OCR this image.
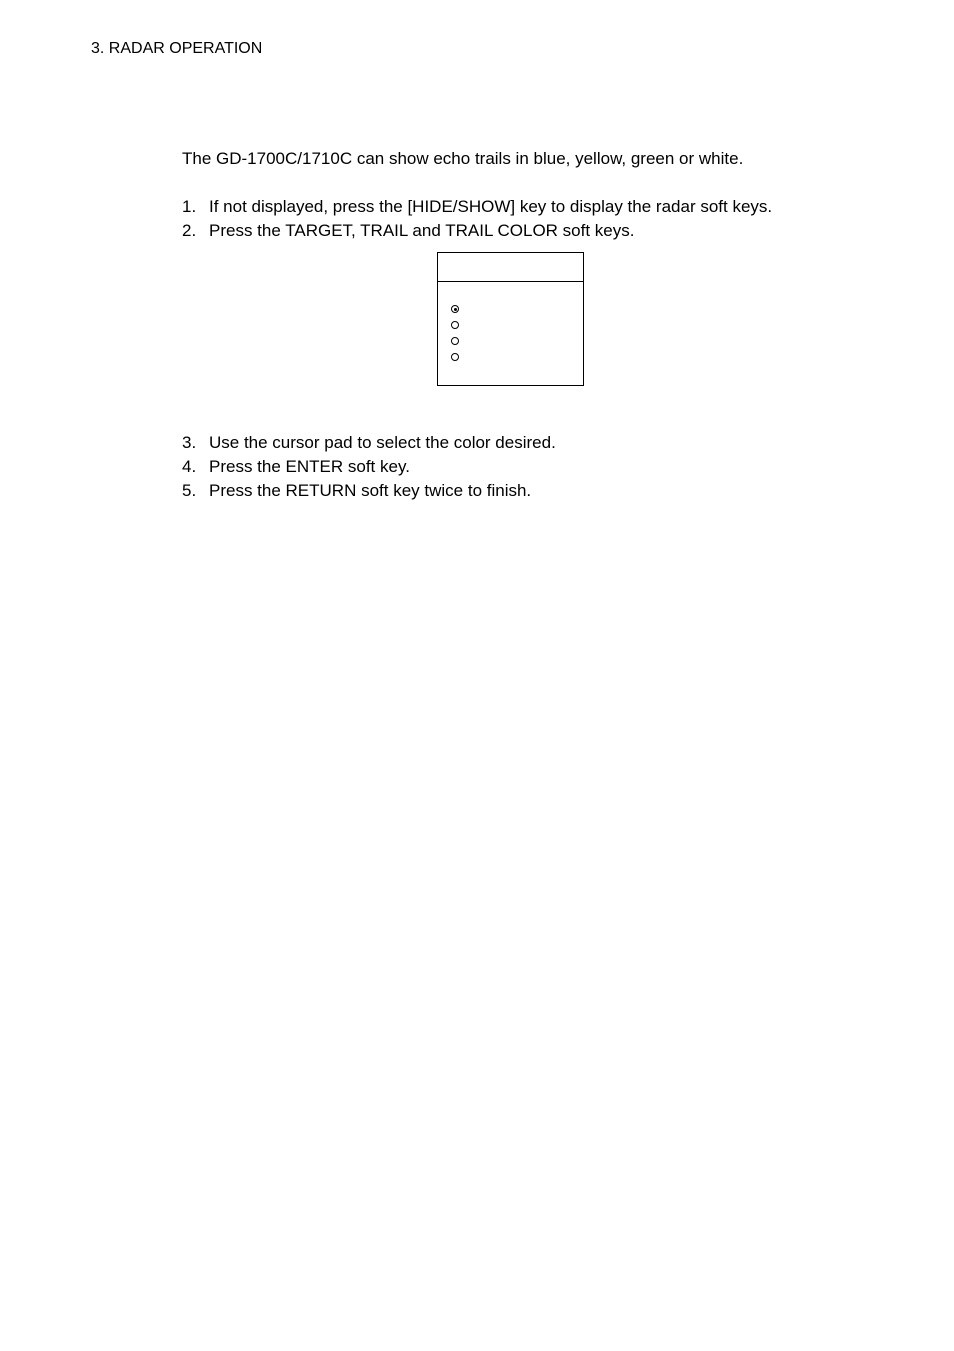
3. RADAR OPERATION
The GD-1700C/1710C can show echo trails in blue, yellow, green or white.
1. If not displayed, press the [HIDE/SHOW] key to display the radar soft keys.
2. Press the TARGET, TRAIL and TRAIL COLOR soft keys.
3. Use the cursor pad to select the color desired.
4. Press the ENTER soft key.
5. Press the RETURN soft key twice to finish.
